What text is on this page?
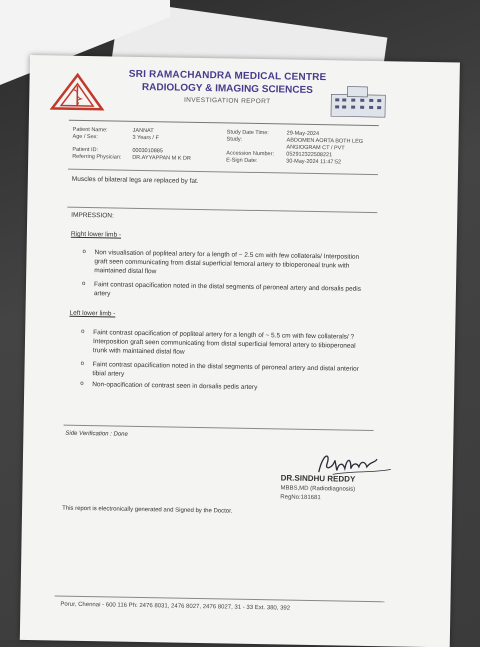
SRI RAMACHANDRA MEDICAL CENTRE
RADIOLOGY & IMAGING SCIENCES
INVESTIGATION REPORT
Patient Name:	JANNAT
Age / Sex:	3 Years / F
Patient ID:	0003010885
Referring Physician: DR.AYYAPPAN M K DR
Study Date Time:	29-May-2024
Study:	ABDOMEN AORTA BOTH LEG
ANGIOGRAM CT / PVT
Accession Number: 052912322508221
E-Sign Date:	30-May-2024 11:47:52
Muscles of bilateral legs are replaced by fat.
IMPRESSION:
Right lower limb -
o Non visualisation of popliteal artery for a length of ~ 2.5 cm with few collaterals/ Interposition graft seen communicating from distal superficial femoral artery to tibioperoneal trunk with maintained distal flow
o Faint contrast opacification noted in the distal segments of peroneal artery and dorsalis pedis artery
Left lower limb -
o Faint contrast opacification of popliteal artery for a length of ~ 5.5 cm with few collaterals/ ?Interposition graft seen communicating from distal superficial femoral artery to tibioperoneal trunk with maintained distal flow
o Faint contrast opacification noted in the distal segments of peroneal artery and distal anterior tibial artery
o Non-opacification of contrast seen in dorsalis pedis artery
Side Verification : Done
DR.SINDHU REDDY
MBBS,MD (Radiodiagnosis)
RegNo:181681
This report is electronically generated and Signed by the Doctor.
Porur, Chennai - 600 116 Ph: 2476 8031, 2476 8027, 2476 8027, 31 - 33 Ext. 380, 392
